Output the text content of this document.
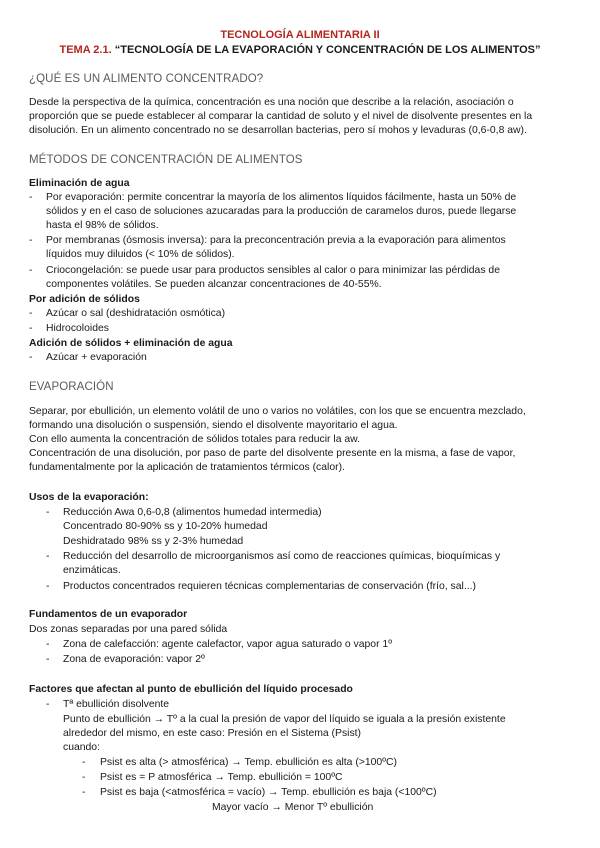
TECNOLOGÍA ALIMENTARIA II
TEMA 2.1. “TECNOLOGÍA DE LA EVAPORACIÓN Y CONCENTRACIÓN DE LOS ALIMENTOS”
¿QUÉ ES UN ALIMENTO CONCENTRADO?
Desde la perspectiva de la química, concentración es una noción que describe a la relación, asociación o
proporción que se puede establecer al comparar la cantidad de soluto y el nivel de disolvente presentes en la
disolución. En un alimento concentrado no se desarrollan bacterias, pero sí mohos y levaduras (0,6-0,8 aw).
MÉTODOS DE CONCENTRACIÓN DE ALIMENTOS
Eliminación de agua
- Por evaporación: permite concentrar la mayoría de los alimentos líquidos fácilmente, hasta un 50% de
sólidos y en el caso de soluciones azucaradas para la producción de caramelos duros, puede llegarse
hasta el 98% de sólidos.
- Por membranas (ósmosis inversa): para la preconcentración previa a la evaporación para alimentos
líquidos muy diluidos (< 10% de sólidos).
- Criocongelación: se puede usar para productos sensibles al calor o para minimizar las pérdidas de
componentes volátiles. Se pueden alcanzar concentraciones de 40-55%.
Por adición de sólidos
- Azúcar o sal (deshidratación osmótica)
- Hidrocoloides
Adición de sólidos + eliminación de agua
- Azúcar + evaporación
EVAPORACIÓN
Separar, por ebullición, un elemento volátil de uno o varios no volátiles, con los que se encuentra mezclado,
formando una disolución o suspensión, siendo el disolvente mayoritario el agua.
Con ello aumenta la concentración de sólidos totales para reducir la aw.
Concentración de una disolución, por paso de parte del disolvente presente en la misma, a fase de vapor,
fundamentalmente por la aplicación de tratamientos térmicos (calor).
Usos de la evaporación:
- Reducción Awa 0,6-0,8 (alimentos humedad intermedia)
Concentrado 80-90% ss y 10-20% humedad
Deshidratado 98% ss y 2-3% humedad
- Reducción del desarrollo de microorganismos así como de reacciones químicas, bioquímicas y
enzimáticas.
- Productos concentrados requieren técnicas complementarias de conservación (frío, sal...)
Fundamentos de un evaporador
Dos zonas separadas por una pared sólida
- Zona de calefacción: agente calefactor, vapor agua saturado o vapor 1º
- Zona de evaporación: vapor 2º
Factores que afectan al punto de ebullición del líquido procesado
- Tª ebullición disolvente
Punto de ebullición → Tº a la cual la presión de vapor del líquido se iguala a la presión existente
alrededor del mismo, en este caso: Presión en el Sistema (Psist)
cuando:
- Psist es alta (> atmosférica) → Temp. ebullición es alta (>100ºC)
- Psist es = P atmosférica → Temp. ebullición = 100ºC
- Psist es baja (<atmosférica = vacío) → Temp. ebullición es baja (<100ºC)
Mayor vacío → Menor Tº ebullición
